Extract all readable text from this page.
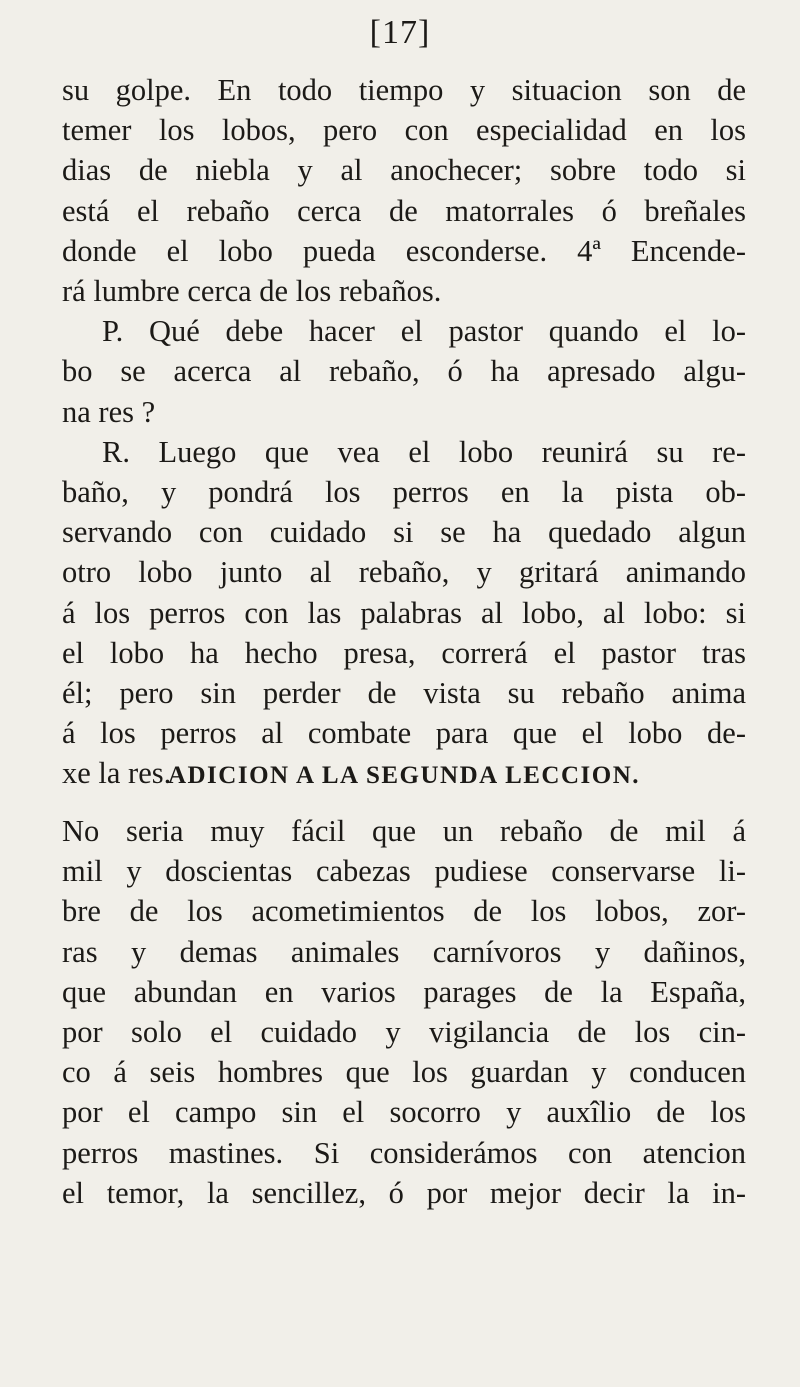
[17]
su golpe. En todo tiempo y situacion son de
temer los lobos, pero con especialidad en los
dias de niebla y al anochecer; sobre todo si
está el rebaño cerca de matorrales ó breñales
donde el lobo pueda esconderse. 4ª Encende-
rá lumbre cerca de los rebaños.
P. Qué debe hacer el pastor quando el lo-
bo se acerca al rebaño, ó ha apresado algu-
na res ?
R. Luego que vea el lobo reunirá su re-
baño, y pondrá los perros en la pista ob-
servando con cuidado si se ha quedado algun
otro lobo junto al rebaño, y gritará animando
á los perros con las palabras al lobo, al lobo: si
el lobo ha hecho presa, correrá el pastor tras
él; pero sin perder de vista su rebaño anima
á los perros al combate para que el lobo de-
xe la res.
ADICION A LA SEGUNDA LECCION.
No seria muy fácil que un rebaño de mil á
mil y doscientas cabezas pudiese conservarse li-
bre de los acometimientos de los lobos, zor-
ras y demas animales carnívoros y dañinos,
que abundan en varios parages de la España,
por solo el cuidado y vigilancia de los cin-
co á seis hombres que los guardan y conducen
por el campo sin el socorro y auxîlio de los
perros mastines. Si considerámos con atencion
el temor, la sencillez, ó por mejor decir la in-
